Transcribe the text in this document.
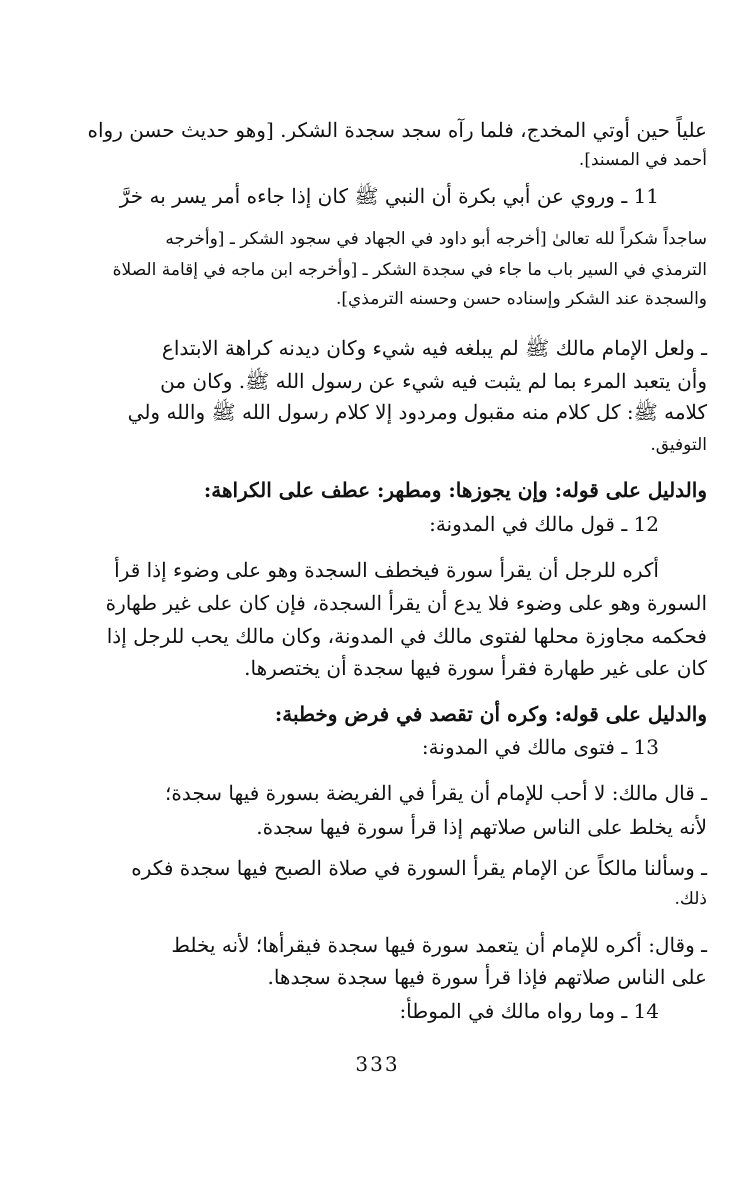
علياً حين أوتي المخدج، فلما رآه سجد سجدة الشكر. [وهو حديث حسن رواه
أحمد في المسند].
11 ـ وروي عن أبي بكرة أن النبي ﷺ كان إذا جاءه أمر يسر به خرَّ
ساجداً شكراً لله تعالىٰ [أخرجه أبو داود في الجهاد في سجود الشكر ـ [وأخرجه
الترمذي في السير باب ما جاء في سجدة الشكر ـ [وأخرجه ابن ماجه في إقامة الصلاة
والسجدة عند الشكر وإسناده حسن وحسنه الترمذي].
ـ ولعل الإمام مالك ﷺ لم يبلغه فيه شيء وكان ديدنه كراهة الابتداع
وأن يتعبد المرء بما لم يثبت فيه شيء عن رسول الله ﷺ. وكان من
كلامه ﷺ: كل كلام منه مقبول ومردود إلا كلام رسول الله ﷺ والله ولي
التوفيق.
والدليل على قوله: وإن يجوزها: ومطهر: عطف على الكراهة:
12 ـ قول مالك في المدونة:
أكره للرجل أن يقرأ سورة فيخطف السجدة وهو على وضوء إذا قرأ
السورة وهو على وضوء فلا يدع أن يقرأ السجدة، فإن كان على غير طهارة
فحكمه مجاوزة محلها لفتوى مالك في المدونة، وكان مالك يحب للرجل إذا
كان على غير طهارة فقرأ سورة فيها سجدة أن يختصرها.
والدليل على قوله: وكره أن تقصد في فرض وخطبة:
13 ـ فتوى مالك في المدونة:
ـ قال مالك: لا أحب للإمام أن يقرأ في الفريضة بسورة فيها سجدة؛
لأنه يخلط على الناس صلاتهم إذا قرأ سورة فيها سجدة.
ـ وسألنا مالكاً عن الإمام يقرأ السورة في صلاة الصبح فيها سجدة فكره
ذلك.
ـ وقال: أكره للإمام أن يتعمد سورة فيها سجدة فيقرأها؛ لأنه يخلط
على الناس صلاتهم فإذا قرأ سورة فيها سجدة سجدها.
14 ـ وما رواه مالك في الموطأ:
333
